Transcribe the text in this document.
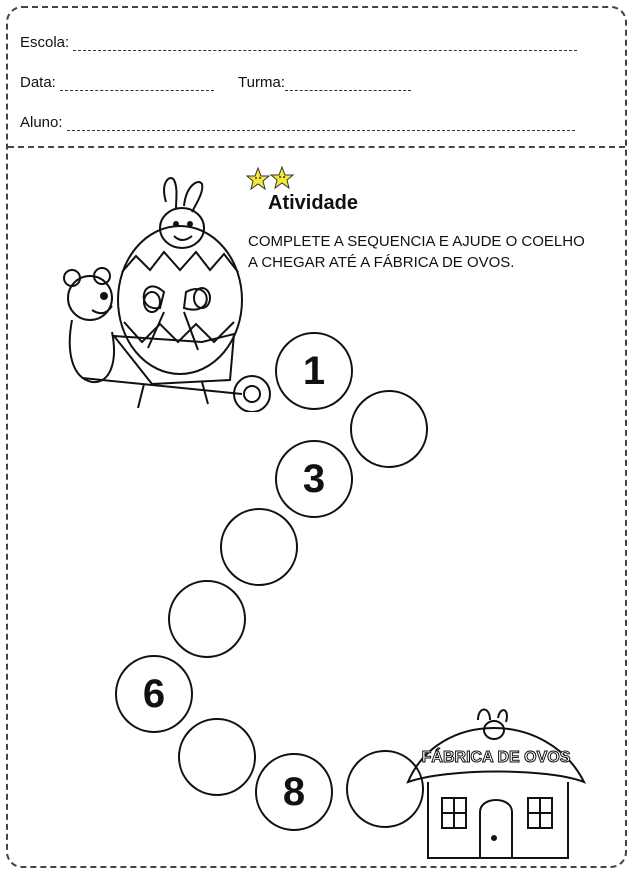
Escola:
Data:	Turma:
Aluno:
Atividade
COMPLETE A SEQUENCIA E AJUDE O COELHO A CHEGAR ATÉ A FÁBRICA DE OVOS.
1
3
6
8
FÁBRICA DE OVOS
